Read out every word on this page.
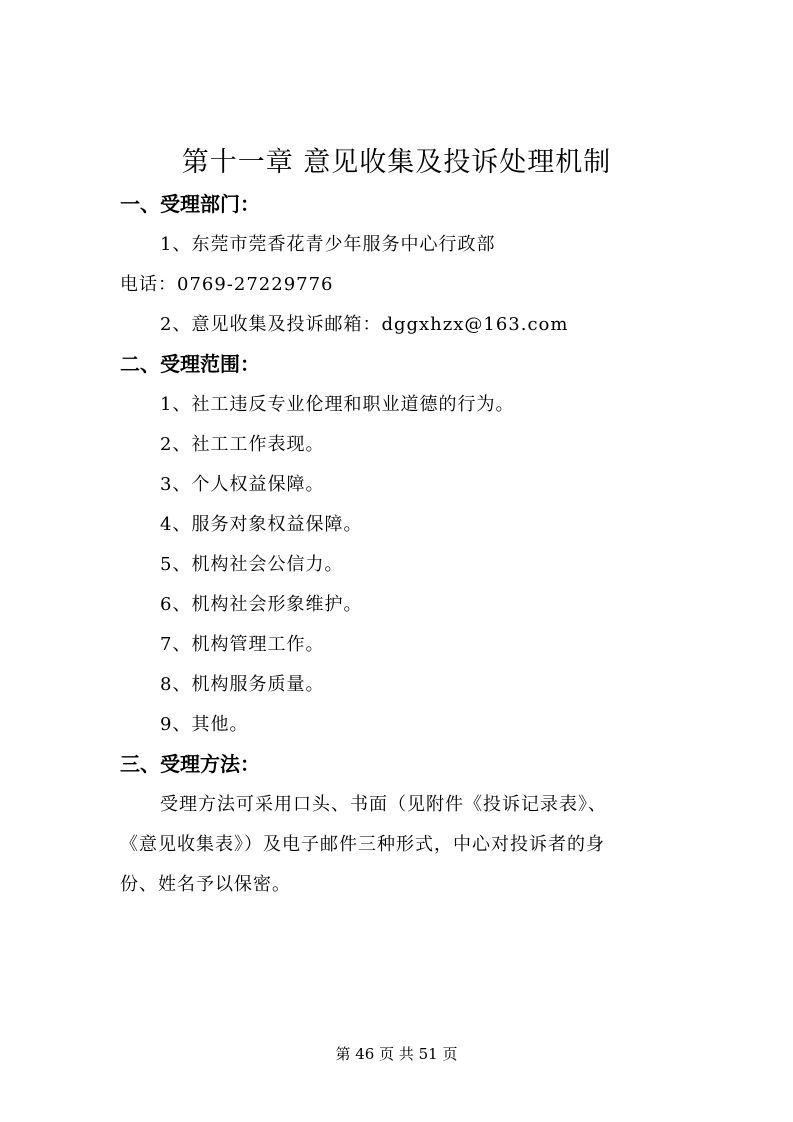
第十一章 意见收集及投诉处理机制
一、受理部门：
1、东莞市莞香花青少年服务中心行政部
电话：0769-27229776
2、意见收集及投诉邮箱：dggxhzx@163.com
二、受理范围：
1、社工违反专业伦理和职业道德的行为。
2、社工工作表现。
3、个人权益保障。
4、服务对象权益保障。
5、机构社会公信力。
6、机构社会形象维护。
7、机构管理工作。
8、机构服务质量。
9、其他。
三、受理方法：
受理方法可采用口头、书面（见附件《投诉记录表》、
《意见收集表》）及电子邮件三种形式，中心对投诉者的身
份、姓名予以保密。
第 46 页 共 51 页
